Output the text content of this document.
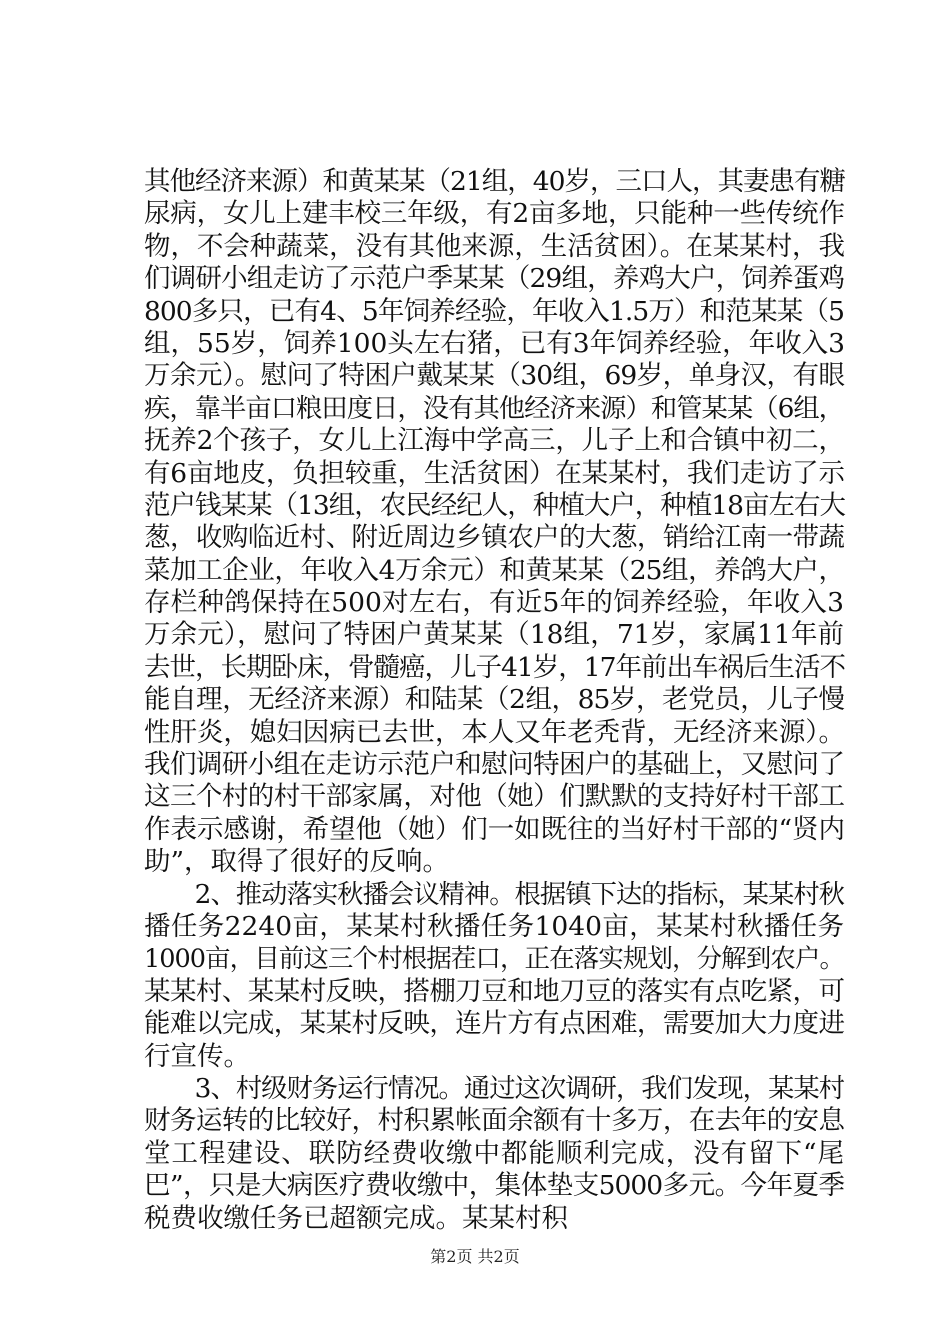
其他经济来源）和黄某某（21组，40岁，三口人，其妻患有糖
尿病，女儿上建丰校三年级，有2亩多地，只能种一些传统作
物，不会种蔬菜，没有其他来源，生活贫困）。在某某村，我
们调研小组走访了示范户季某某（29组，养鸡大户，饲养蛋鸡
800多只，已有4、5年饲养经验，年收入1.5万）和范某某（5
组，55岁，饲养100头左右猪，已有3年饲养经验，年收入3
万余元）。慰问了特困户戴某某（30组，69岁，单身汉，有眼
疾，靠半亩口粮田度日，没有其他经济来源）和管某某（6组，
抚养2个孩子，女儿上江海中学高三，儿子上和合镇中初二，
有6亩地皮，负担较重，生活贫困）在某某村，我们走访了示
范户钱某某（13组，农民经纪人，种植大户，种植18亩左右大
葱，收购临近村、附近周边乡镇农户的大葱，销给江南一带蔬
菜加工企业，年收入4万余元）和黄某某（25组，养鸽大户，
存栏种鸽保持在500对左右，有近5年的饲养经验，年收入3
万余元），慰问了特困户黄某某（18组，71岁，家属11年前
去世，长期卧床，骨髓癌，儿子41岁，17年前出车祸后生活不
能自理，无经济来源）和陆某（2组，85岁，老党员，儿子慢
性肝炎，媳妇因病已去世，本人又年老秃背，无经济来源）。
我们调研小组在走访示范户和慰问特困户的基础上，又慰问了
这三个村的村干部家属，对他（她）们默默的支持好村干部工
作表示感谢，希望他（她）们一如既往的当好村干部的“贤内
助”，取得了很好的反响。
　　2、推动落实秋播会议精神。根据镇下达的指标，某某村秋
播任务2240亩，某某村秋播任务1040亩，某某村秋播任务
1000亩，目前这三个村根据茬口，正在落实规划，分解到农户。
某某村、某某村反映，搭棚刀豆和地刀豆的落实有点吃紧，可
能难以完成，某某村反映，连片方有点困难，需要加大力度进
行宣传。
　　3、村级财务运行情况。通过这次调研，我们发现，某某村
财务运转的比较好，村积累帐面余额有十多万，在去年的安息
堂工程建设、联防经费收缴中都能顺利完成，没有留下“尾
巴”，只是大病医疗费收缴中，集体垫支5000多元。今年夏季
税费收缴任务已超额完成。某某村积
第2页 共2页
